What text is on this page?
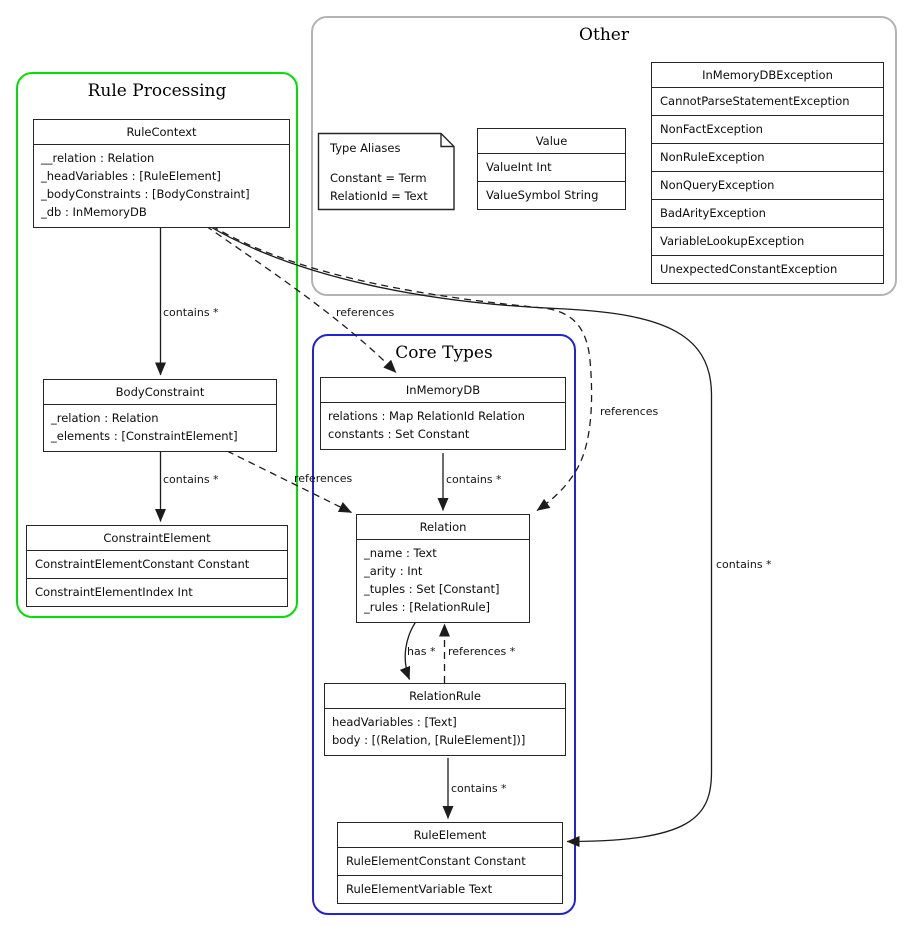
Rule Processing
Other
Core Types
RuleContext
__relation : Relation
_headVariables : [RuleElement]
_bodyConstraints : [BodyConstraint]
_db : InMemoryDB
BodyConstraint
_relation : Relation
_elements : [ConstraintElement]
ConstraintElement
ConstraintElementConstant Constant
ConstraintElementIndex Int
Type Aliases
Constant = Term
RelationId = Text
Value
ValueInt Int
ValueSymbol String
InMemoryDBException
CannotParseStatementException
NonFactException
NonRuleException
NonQueryException
BadArityException
VariableLookupException
UnexpectedConstantException
InMemoryDB
relations : Map RelationId Relation
constants : Set Constant
Relation
_name : Text
_arity : Int
_tuples : Set [Constant]
_rules : [RelationRule]
RelationRule
headVariables : [Text]
body : [(Relation, [RuleElement])]
RuleElement
RuleElementConstant Constant
RuleElementVariable Text
contains *	references
references
contains *
contains *	references	contains *
has * references *
contains *
